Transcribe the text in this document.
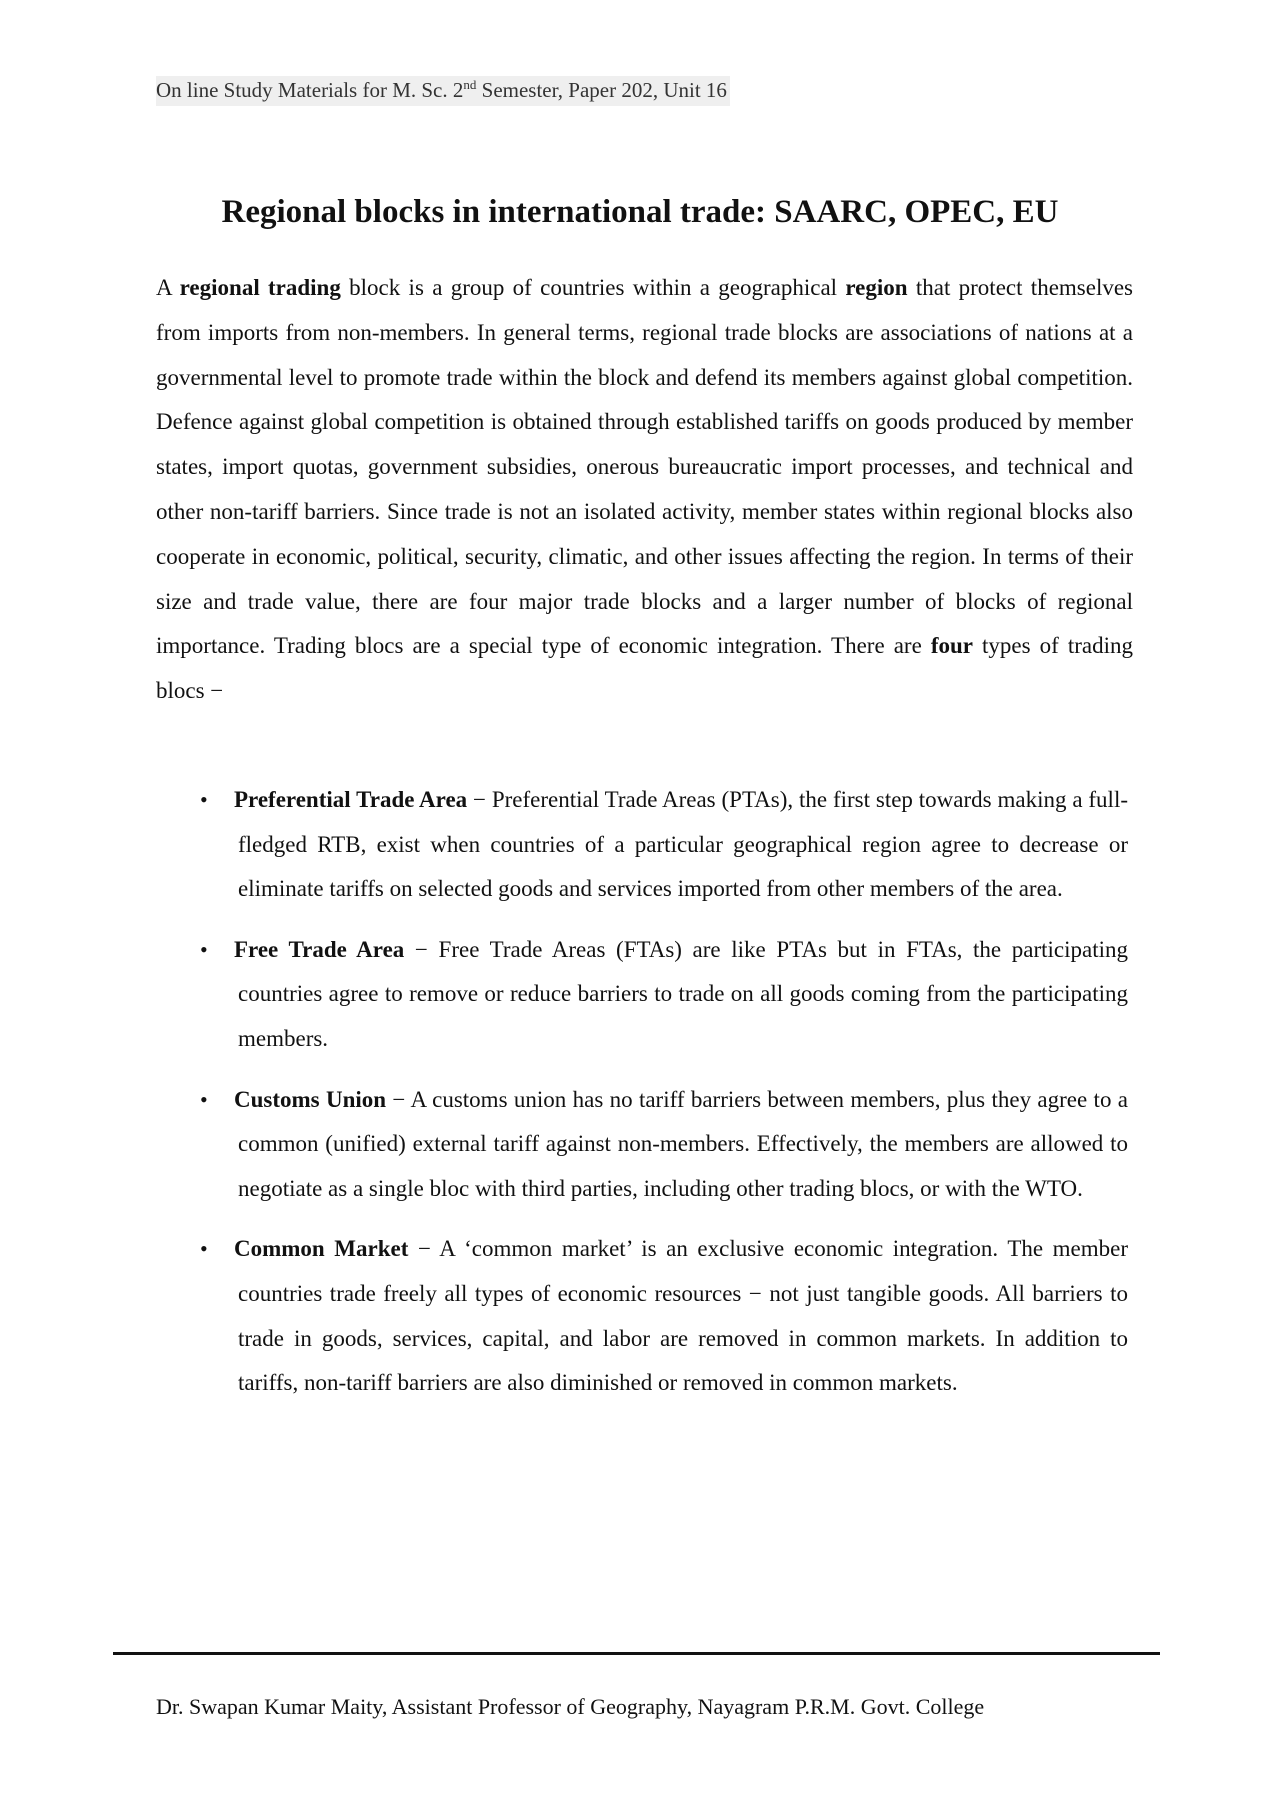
On line Study Materials for M. Sc. 2nd Semester, Paper 202, Unit 16
Regional blocks in international trade: SAARC, OPEC, EU

A regional trading block is a group of countries within a geographical region that protect themselves from imports from non-members. In general terms, regional trade blocks are associations of nations at a governmental level to promote trade within the block and defend its members against global competition. Defence against global competition is obtained through established tariffs on goods produced by member states, import quotas, government subsidies, onerous bureaucratic import processes, and technical and other non-tariff barriers. Since trade is not an isolated activity, member states within regional blocks also cooperate in economic, political, security, climatic, and other issues affecting the region. In terms of their size and trade value, there are four major trade blocks and a larger number of blocks of regional importance. Trading blocs are a special type of economic integration. There are four types of trading blocs −

• Preferential Trade Area − Preferential Trade Areas (PTAs), the first step towards making a full-fledged RTB, exist when countries of a particular geographical region agree to decrease or eliminate tariffs on selected goods and services imported from other members of the area.
• Free Trade Area − Free Trade Areas (FTAs) are like PTAs but in FTAs, the participating countries agree to remove or reduce barriers to trade on all goods coming from the participating members.
• Customs Union − A customs union has no tariff barriers between members, plus they agree to a common (unified) external tariff against non-members. Effectively, the members are allowed to negotiate as a single bloc with third parties, including other trading blocs, or with the WTO.
• Common Market − A ‘common market’ is an exclusive economic integration. The member countries trade freely all types of economic resources − not just tangible goods. All barriers to trade in goods, services, capital, and labor are removed in common markets. In addition to tariffs, non-tariff barriers are also diminished or removed in common markets.
Dr. Swapan Kumar Maity, Assistant Professor of Geography, Nayagram P.R.M. Govt. College
